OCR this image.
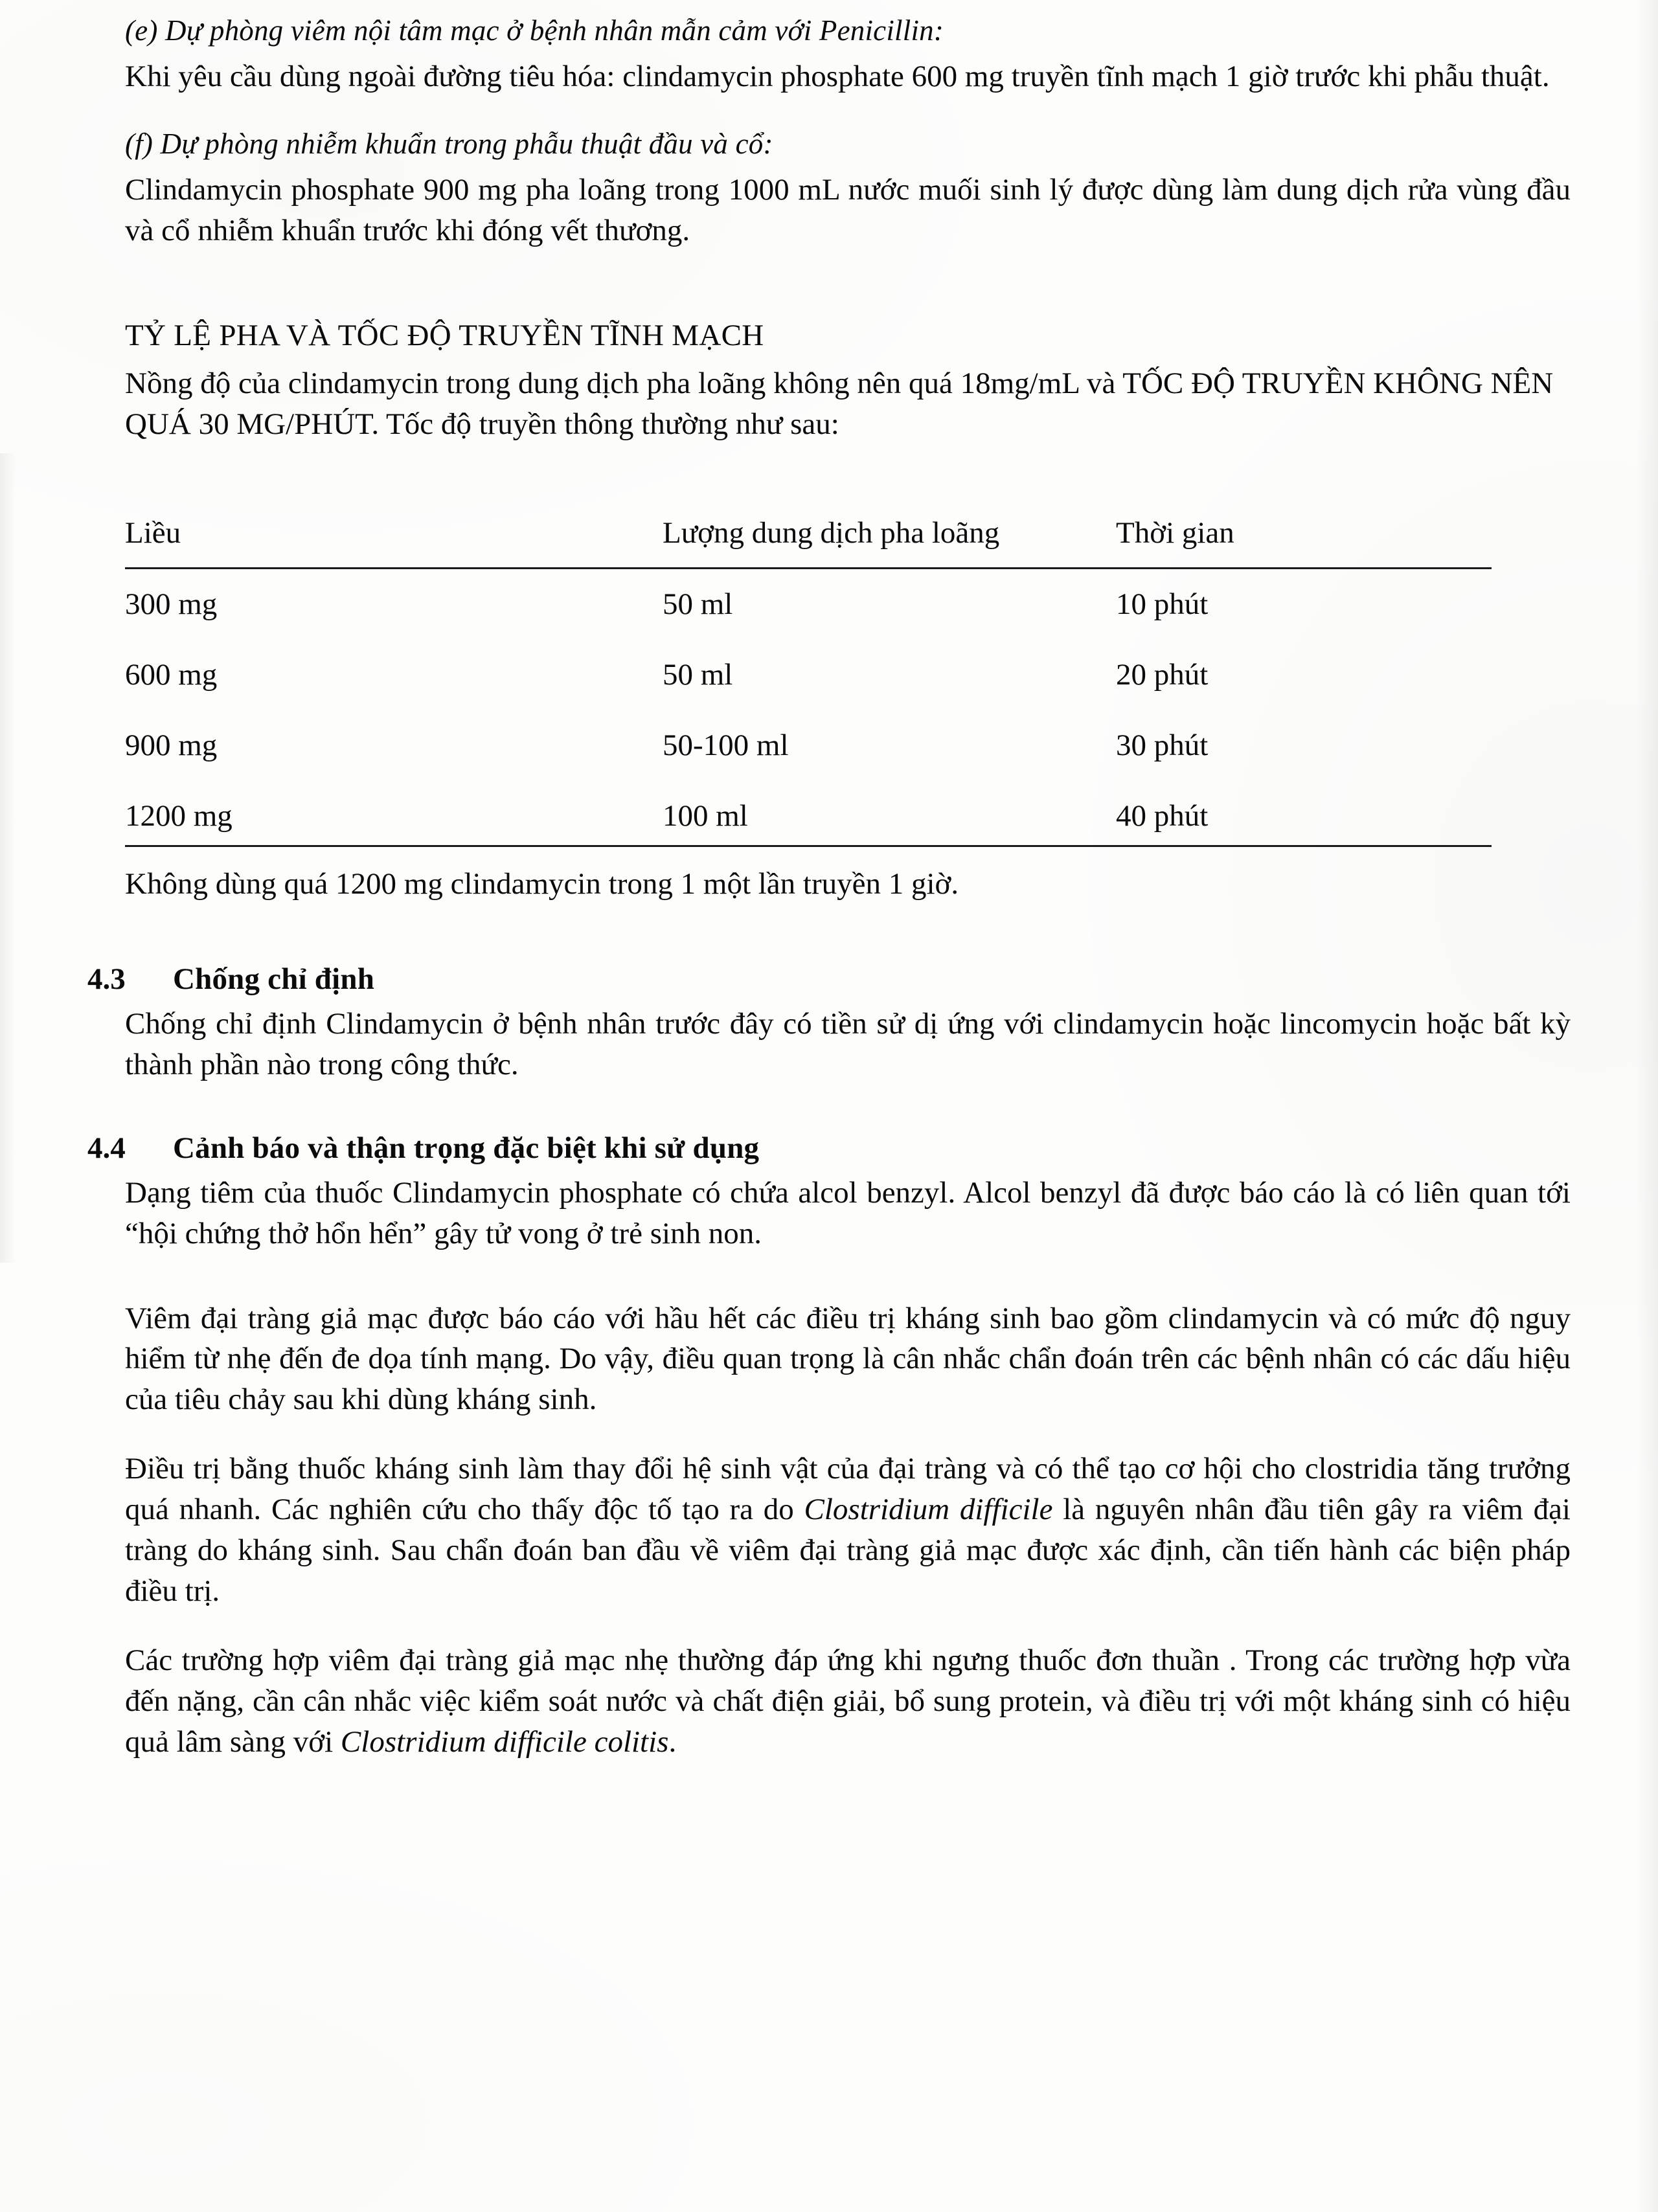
(e) Dự phòng viêm nội tâm mạc ở bệnh nhân mẫn cảm với Penicillin:

Khi yêu cầu dùng ngoài đường tiêu hóa: clindamycin phosphate 600 mg truyền tĩnh mạch 1 giờ trước khi phẫu thuật.

(f) Dự phòng nhiễm khuẩn trong phẫu thuật đầu và cổ:

Clindamycin phosphate 900 mg pha loãng trong 1000 mL nước muối sinh lý được dùng làm dung dịch rửa vùng đầu và cổ nhiễm khuẩn trước khi đóng vết thương.

TỶ LỆ PHA VÀ TỐC ĐỘ TRUYỀN TĨNH MẠCH

Nồng độ của clindamycin trong dung dịch pha loãng không nên quá 18mg/mL và TỐC ĐỘ TRUYỀN KHÔNG NÊN QUÁ 30 MG/PHÚT. Tốc độ truyền thông thường như sau:

Liều	Lượng dung dịch pha loãng	Thời gian
300 mg	50 ml	10 phút
600 mg	50 ml	20 phút
900 mg	50-100 ml	30 phút
1200 mg	100 ml	40 phút

Không dùng quá 1200 mg clindamycin trong 1 một lần truyền 1 giờ.

4.3	Chống chỉ định

Chống chỉ định Clindamycin ở bệnh nhân trước đây có tiền sử dị ứng với clindamycin hoặc lincomycin hoặc bất kỳ thành phần nào trong công thức.

4.4	Cảnh báo và thận trọng đặc biệt khi sử dụng

Dạng tiêm của thuốc Clindamycin phosphate có chứa alcol benzyl. Alcol benzyl đã được báo cáo là có liên quan tới “hội chứng thở hổn hển” gây tử vong ở trẻ sinh non.

Viêm đại tràng giả mạc được báo cáo với hầu hết các điều trị kháng sinh bao gồm clindamycin và có mức độ nguy hiểm từ nhẹ đến đe dọa tính mạng. Do vậy, điều quan trọng là cân nhắc chẩn đoán trên các bệnh nhân có các dấu hiệu của tiêu chảy sau khi dùng kháng sinh.

Điều trị bằng thuốc kháng sinh làm thay đổi hệ sinh vật của đại tràng và có thể tạo cơ hội cho clostridia tăng trưởng quá nhanh. Các nghiên cứu cho thấy độc tố tạo ra do Clostridium difficile là nguyên nhân đầu tiên gây ra viêm đại tràng do kháng sinh. Sau chẩn đoán ban đầu về viêm đại tràng giả mạc được xác định, cần tiến hành các biện pháp điều trị.

Các trường hợp viêm đại tràng giả mạc nhẹ thường đáp ứng khi ngưng thuốc đơn thuần . Trong các trường hợp vừa đến nặng, cần cân nhắc việc kiểm soát nước và chất điện giải, bổ sung protein, và điều trị với một kháng sinh có hiệu quả lâm sàng với Clostridium difficile colitis.
